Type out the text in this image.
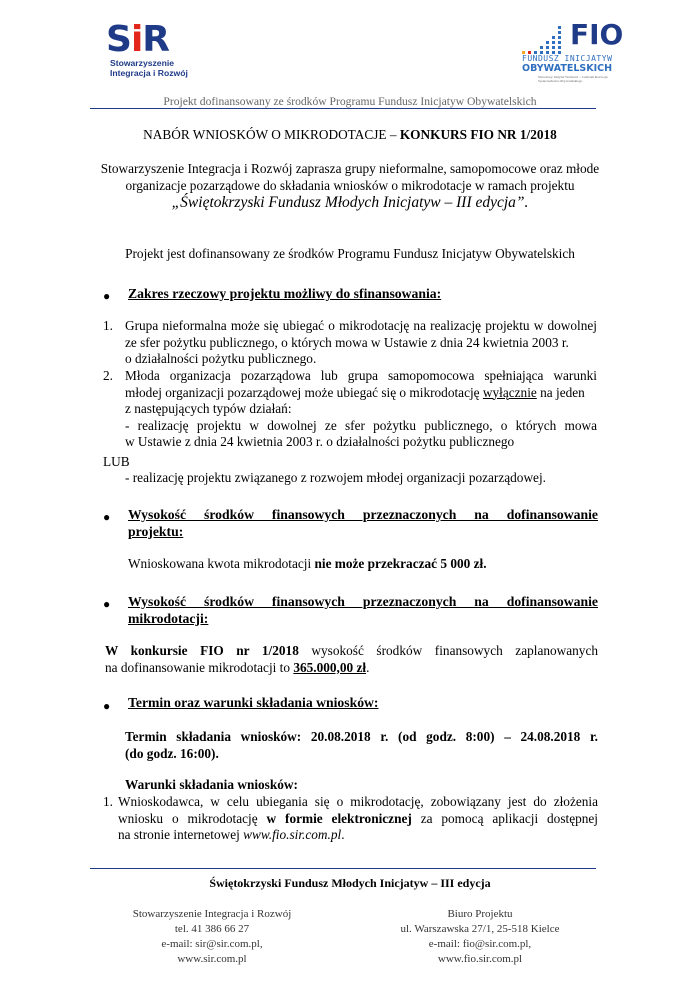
SiR
Stowarzyszenie
Integracja i Rozwój
FIO
FUNDUSZ INICJATYW
OBYWATELSKICH
Narodowy Instytut Wolności – Centrum Rozwoju Społeczeństwa Obywatelskiego
Projekt dofinansowany ze środków Programu Fundusz Inicjatyw Obywatelskich
NABÓR WNIOSKÓW O MIKRODOTACJE – KONKURS FIO NR 1/2018
Stowarzyszenie Integracja i Rozwój zaprasza grupy nieformalne, samopomocowe oraz młode organizacje pozarządowe do składania wniosków o mikrodotacje w ramach projektu
„Świętokrzyski Fundusz Młodych Inicjatyw – III edycja”.
Projekt jest dofinansowany ze środków Programu Fundusz Inicjatyw Obywatelskich
● Zakres rzeczowy projektu możliwy do sfinansowania:
1. Grupa nieformalna może się ubiegać o mikrodotację na realizację projektu w dowolnej
ze sfer pożytku publicznego, o których mowa w Ustawie z dnia 24 kwietnia 2003 r.
o działalności pożytku publicznego.
2. Młoda organizacja pozarządowa lub grupa samopomocowa spełniająca warunki
młodej organizacji pozarządowej może ubiegać się o mikrodotację wyłącznie na jeden
z następujących typów działań:
- realizację projektu w dowolnej ze sfer pożytku publicznego, o których mowa
w Ustawie z dnia 24 kwietnia 2003 r. o działalności pożytku publicznego
LUB
- realizację projektu związanego z rozwojem młodej organizacji pozarządowej.
● Wysokość środków finansowych przeznaczonych na dofinansowanie
projektu:
Wnioskowana kwota mikrodotacji nie może przekraczać 5 000 zł.
● Wysokość środków finansowych przeznaczonych na dofinansowanie
mikrodotacji:
W konkursie FIO nr 1/2018 wysokość środków finansowych zaplanowanych
na dofinansowanie mikrodotacji to 365.000,00 zł.
● Termin oraz warunki składania wniosków:
Termin składania wniosków: 20.08.2018 r. (od godz. 8:00) – 24.08.2018 r.
(do godz. 16:00).
Warunki składania wniosków:
1. Wnioskodawca, w celu ubiegania się o mikrodotację, zobowiązany jest do złożenia
wniosku o mikrodotację w formie elektronicznej za pomocą aplikacji dostępnej
na stronie internetowej www.fio.sir.com.pl.
Świętokrzyski Fundusz Młodych Inicjatyw – III edycja
Stowarzyszenie Integracja i Rozwój
tel. 41 386 66 27
e-mail: sir@sir.com.pl,
www.sir.com.pl
Biuro Projektu
ul. Warszawska 27/1, 25-518 Kielce
e-mail: fio@sir.com.pl,
www.fio.sir.com.pl
